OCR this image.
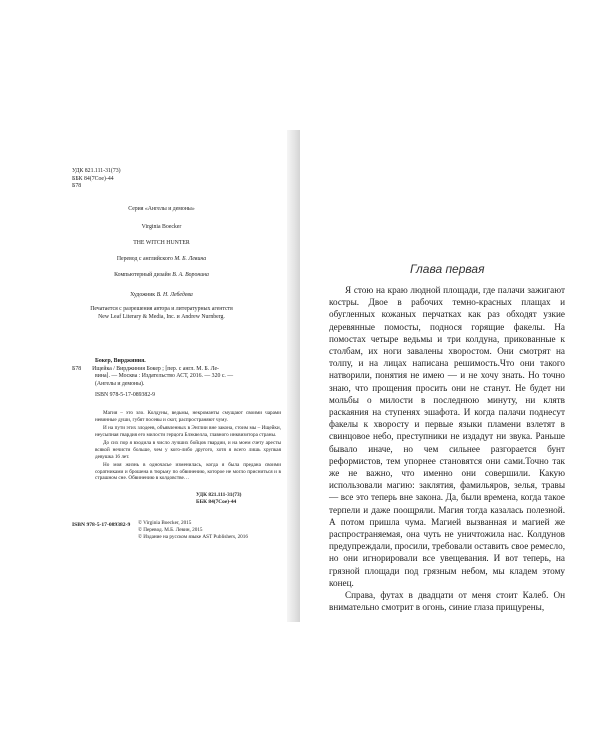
УДК 821.111-31(73)
ББК 84(7Сое)-44
Б78
Серия «Ангелы и демоны»
Virginia Boecker
THE WITCH HUNTER
Перевод с английского М. Б. Левина
Компьютерный дизайн В. А. Воронина
Художник В. Н. Лебедева
Печатается с разрешения автора и литературных агентств
New Leaf Literary & Media, Inc. и Andrew Nurnberg.
Бокер, Вирджиния.
Б78 Ищейка / Вирджиния Бокер ; [пер. с англ. М. Б. Ле-
вина]. — Москва : Издательство АСТ, 2016. — 320 с. —
(Ангелы и демоны).
ISBN 978-5-17-089382-9

Магия – это зло. Колдуны, ведьмы, некроманты смущают своими чарами невинные души, губят посевы и скот, распространяют чуму.

И на пути этих злодеев, объявленных в Энглии вне закона, стоим мы – Ищейки, неусыпная гвардия его милости герцога Блэквелла, главного инквизитора страны.

До сих пор я входила в число лучших бойцов гвардии, и на моем счету аресты всякой нечисти больше, чем у кого-либо другого, хотя я всего лишь хрупкая девушка 16 лет.

Но моя жизнь в одночасье изменилась, когда я была предана своими соратниками и брошена в тюрьму по обвинению, которое не могло присниться и в страшном сне. Обвинению в колдовстве…

УДК 821.111-31(73)
ББК 84(7Сое)-44
ISBN 978-5-17-089382-9 © Virginia Boecker, 2015
© Перевод. М.Б. Левин, 2015
© Издание на русском языке AST Publishers, 2016
Глава первая

Я стою на краю людной площади, где палачи зажигают костры. Двое в рабочих темно-красных плащах и обугленных кожаных перчатках как раз обходят узкие деревянные помосты, поднося горящие факелы. На помостах четыре ведьмы и три колдуна, прикованные к столбам, их ноги завалены хворостом. Они смотрят на толпу, и на лицах написана решимость.Что они такого натворили, понятия не имею — и не хочу знать. Но точно знаю, что прощения просить они не станут. Не будет ни мольбы о милости в последнюю минуту, ни клятв раскаяния на ступенях эшафота. И когда палачи поднесут факелы к хворосту и первые языки пламени взлетят в свинцовое небо, преступники не издадут ни звука. Раньше бывало иначе, но чем сильнее разгорается бунт реформистов, тем упорнее становятся они сами.Точно так же не важно, что именно они совершили. Какую использовали магию: заклятия, фамильяров, зелья, травы — все это теперь вне закона. Да, были времена, когда такое терпели и даже поощряли. Магия тогда казалась полезной. А потом пришла чума. Магией вызванная и магией же распространяемая, она чуть не уничтожила нас. Колдунов предупреждали, просили, требовали оставить свое ремесло, но они игнорировали все увещевания. И вот теперь, на грязной площади под грязным небом, мы кладем этому конец.

Справа, футах в двадцати от меня стоит Калеб. Он внимательно смотрит в огонь, синие глаза прищурены,
